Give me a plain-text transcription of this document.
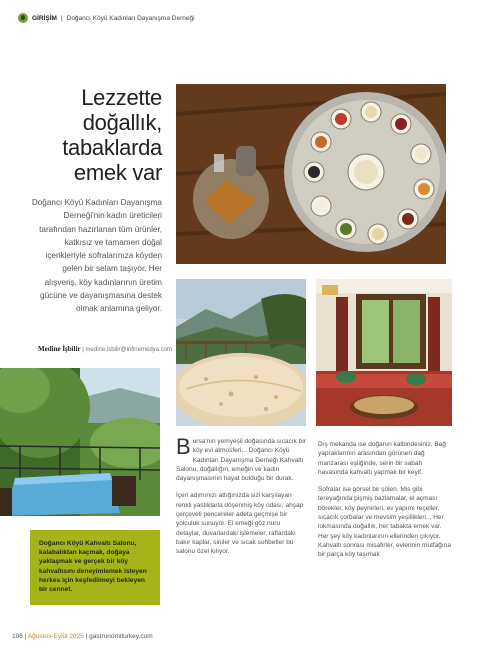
GİRİŞİM | Doğancı Köyü Kadınları Dayanışma Derneği
Lezzette
doğallık,
tabaklarda
emek var
Doğancı Köyü Kadınları Dayanışma Derneği'nin kadın üreticileri tarafından hazırlanan tüm ürünler, katkısız ve tamamen doğal içerikleriyle sofralarınıza köyden gelen bir selam taşıyor. Her alışveriş, köy kadınlarının üretim gücüne ve dayanışmasına destek olmak anlamına geliyor.
Medine İşbilir | medine.isbilir@infinemedya.com
Doğancı Köyü Kahvaltı Salonu, kalabalıktan kaçmak, doğaya yaklaşmak ve gerçek bir köy kahvaltısını deneyimlemek isteyen herkes için keşfedilmeyi bekleyen bir cennet.

Bursa'nın yemyeşil doğasında sıcacık bir köy evi atmosferi... Doğancı Köyü Kadınları Dayanışma Derneği Kahvaltı Salonu, doğallığın, emeğin ve kadın dayanışmasının hayat bulduğu bir durak.

İçeri adımınızı attığınızda sizi karşılayan renkli yastıklarla döşenmiş köy odası, ahşap çerçeveli pencereler adeta geçmişe bir yolculuk sunuyor. El emeği göz nuru detaylar, duvarlardaki işlemeler, raflardaki bakır kaplar, siniler ve sıcak sohbetler bu salonu özel kılıyor.

Dış mekanda ise doğanın kalbindesiniz. Bağ yapraklarının arasından görünen dağ manzarası eşliğinde, serin bir sabah havasında kahvaltı yapmak bir keyif.

Sofralar ise görsel bir şölen. Mis gibi tereyağında pişmiş bazlamalar, el açması börekler, köy peynirleri, ev yapımı reçeller, sıcacık çorbalar ve mevsim yeşillikleri... Her lokmasında doğallık, her tabakta emek var. Her şey köy kadınlarının ellerinden çıkıyor. Kahvaltı sonrası misafirler, evlerinin mutfağına bir parça köy taşımak

106 | Ağustos-Eylül 2025 | gastronomiturkey.com
